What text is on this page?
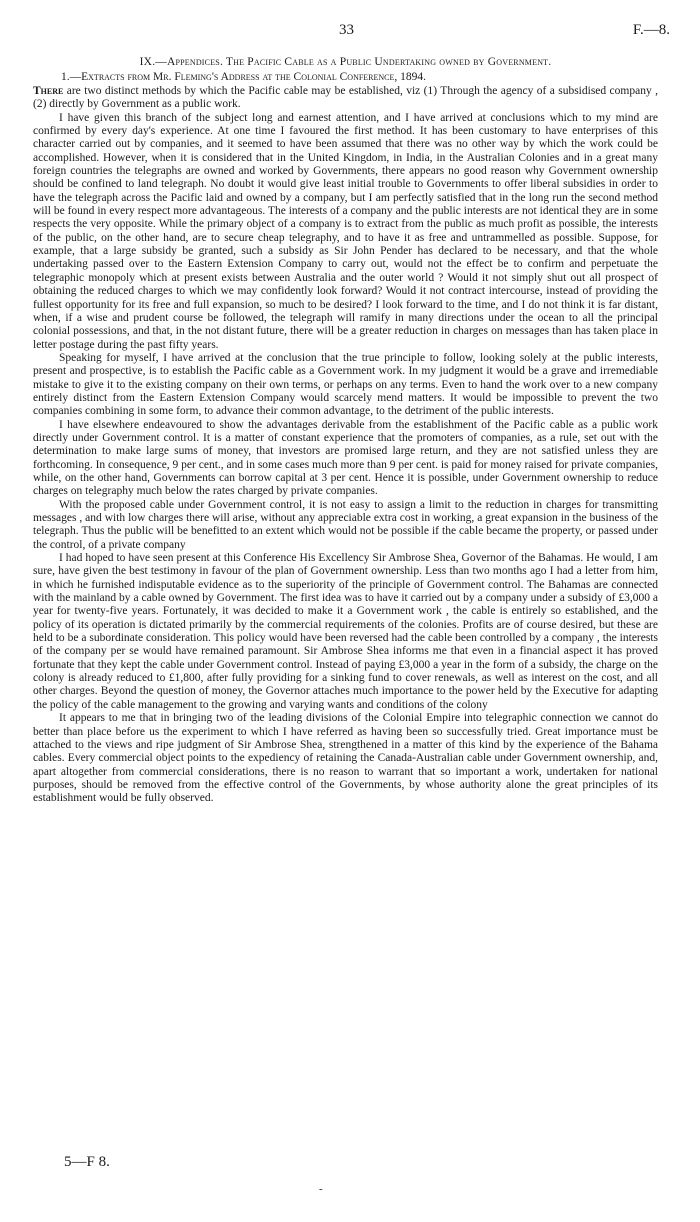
33	F.—8.

IX.—Appendices. The Pacific Cable as a Public Undertaking owned by Government.

1.—Extracts from Mr. Fleming's Address at the Colonial Conference, 1894.

There are two distinct methods by which the Pacific cable may be established, viz (1) Through the agency of a subsidised company , (2) directly by Government as a public work.

I have given this branch of the subject long and earnest attention, and I have arrived at conclusions which to my mind are confirmed by every day's experience. At one time I favoured the first method. It has been customary to have enterprises of this character carried out by companies, and it seemed to have been assumed that there was no other way by which the work could be accomplished. However, when it is considered that in the United Kingdom, in India, in the Australian Colonies and in a great many foreign countries the telegraphs are owned and worked by Governments, there appears no good reason why Government ownership should be confined to land telegraph. No doubt it would give least initial trouble to Governments to offer liberal subsidies in order to have the telegraph across the Pacific laid and owned by a company, but I am perfectly satisfied that in the long run the second method will be found in every respect more advantageous. The interests of a company and the public interests are not identical they are in some respects the very opposite. While the primary object of a company is to extract from the public as much profit as possible, the interests of the public, on the other hand, are to secure cheap telegraphy, and to have it as free and untrammelled as possible. Suppose, for example, that a large subsidy be granted, such a subsidy as Sir John Pender has declared to be necessary, and that the whole undertaking passed over to the Eastern Extension Company to carry out, would not the effect be to confirm and perpetuate the telegraphic monopoly which at present exists between Australia and the outer world ? Would it not simply shut out all prospect of obtaining the reduced charges to which we may confidently look forward? Would it not contract intercourse, instead of providing the fullest opportunity for its free and full expansion, so much to be desired? I look forward to the time, and I do not think it is far distant, when, if a wise and prudent course be followed, the telegraph will ramify in many directions under the ocean to all the principal colonial possessions, and that, in the not distant future, there will be a greater reduction in charges on messages than has taken place in letter postage during the past fifty years.

Speaking for myself, I have arrived at the conclusion that the true principle to follow, looking solely at the public interests, present and prospective, is to establish the Pacific cable as a Government work. In my judgment it would be a grave and irremediable mistake to give it to the existing company on their own terms, or perhaps on any terms. Even to hand the work over to a new company entirely distinct from the Eastern Extension Company would scarcely mend matters. It would be impossible to prevent the two companies combining in some form, to advance their common advantage, to the detriment of the public interests.

I have elsewhere endeavoured to show the advantages derivable from the establishment of the Pacific cable as a public work directly under Government control. It is a matter of constant experience that the promoters of companies, as a rule, set out with the determination to make large sums of money, that investors are promised large return, and they are not satisfied unless they are forthcoming. In consequence, 9 per cent., and in some cases much more than 9 per cent. is paid for money raised for private companies, while, on the other hand, Governments can borrow capital at 3 per cent. Hence it is possible, under Government ownership to reduce charges on telegraphy much below the rates charged by private companies.

With the proposed cable under Government control, it is not easy to assign a limit to the reduction in charges for transmitting messages , and with low charges there will arise, without any appreciable extra cost in working, a great expansion in the business of the telegraph. Thus the public will be benefitted to an extent which would not be possible if the cable became the property, or passed under the control, of a private company

I had hoped to have seen present at this Conference His Excellency Sir Ambrose Shea, Governor of the Bahamas. He would, I am sure, have given the best testimony in favour of the plan of Government ownership. Less than two months ago I had a letter from him, in which he furnished indisputable evidence as to the superiority of the principle of Government control. The Bahamas are connected with the mainland by a cable owned by Government. The first idea was to have it carried out by a company under a subsidy of £3,000 a year for twenty-five years. Fortunately, it was decided to make it a Government work , the cable is entirely so established, and the policy of its operation is dictated primarily by the commercial requirements of the colonies. Profits are of course desired, but these are held to be a subordinate consideration. This policy would have been reversed had the cable been controlled by a company , the interests of the company per se would have remained paramount. Sir Ambrose Shea informs me that even in a financial aspect it has proved fortunate that they kept the cable under Government control. Instead of paying £3,000 a year in the form of a subsidy, the charge on the colony is already reduced to £1,800, after fully providing for a sinking fund to cover renewals, as well as interest on the cost, and all other charges. Beyond the question of money, the Governor attaches much importance to the power held by the Executive for adapting the policy of the cable management to the growing and varying wants and conditions of the colony

It appears to me that in bringing two of the leading divisions of the Colonial Empire into telegraphic connection we cannot do better than place before us the experiment to which I have referred as having been so successfully tried. Great importance must be attached to the views and ripe judgment of Sir Ambrose Shea, strengthened in a matter of this kind by the experience of the Bahama cables. Every commercial object points to the expediency of retaining the Canada-Australian cable under Government ownership, and, apart altogether from commercial considerations, there is no reason to warrant that so important a work, undertaken for national purposes, should be removed from the effective control of the Governments, by whose authority alone the great principles of its establishment would be fully observed.

5—F 8.
-
